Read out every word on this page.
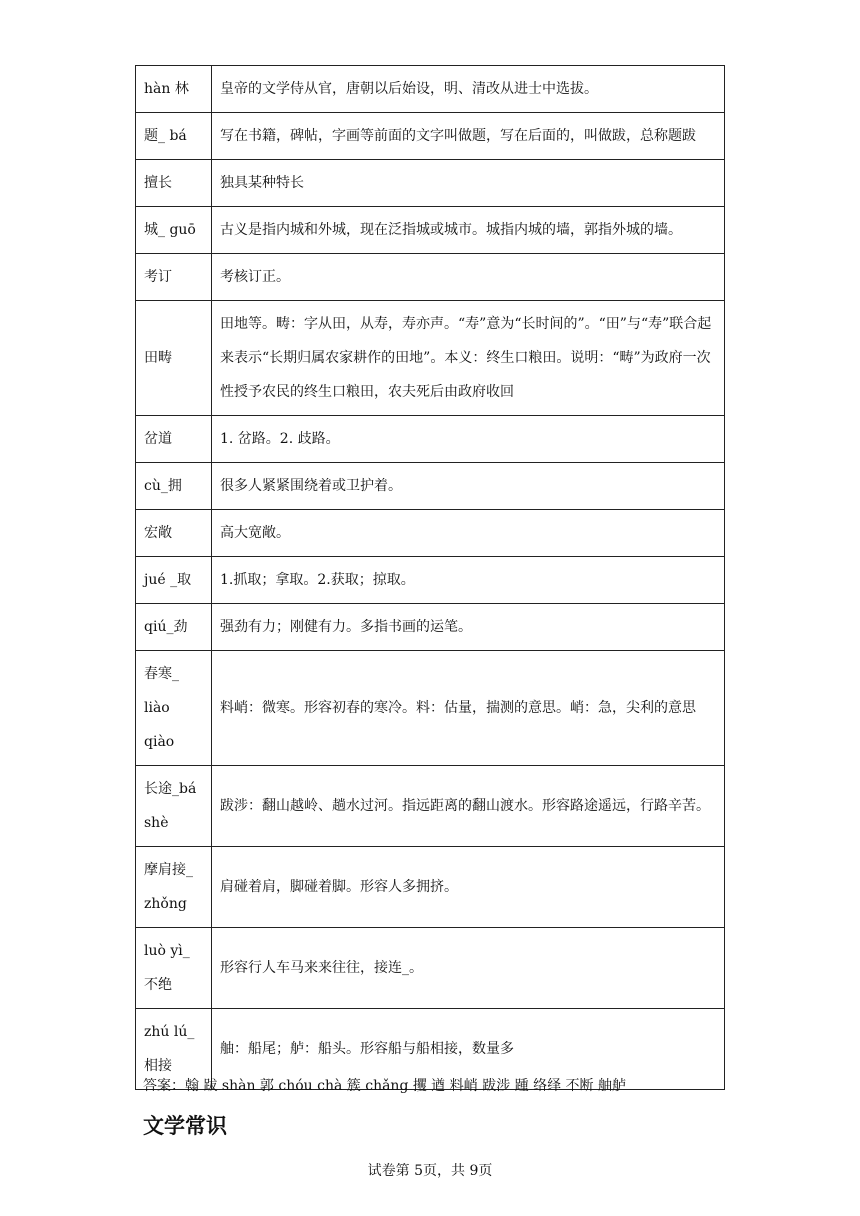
hàn 林	皇帝的文学侍从官，唐朝以后始设，明、清改从进士中选拔。
题_ bá	写在书籍，碑帖，字画等前面的文字叫做题，写在后面的，叫做跋，总称题跋
擅长	独具某种特长
城_ guō	古义是指内城和外城，现在泛指城或城市。城指内城的墙，郭指外城的墙。
考订	考核订正。
田畴	田地等。畴：字从田，从寿，寿亦声。“寿”意为“长时间的”。“田”与“寿”联合起来表示“长期归属农家耕作的田地”。本义：终生口粮田。说明：“畴”为政府一次性授予农民的终生口粮田，农夫死后由政府收回
岔道	1. 岔路。2. 歧路。
cù_拥	很多人紧紧围绕着或卫护着。
宏敞	高大宽敞。
jué _取	1.抓取；拿取。2.获取；掠取。
qiú_劲	强劲有力；刚健有力。多指书画的运笔。
春寒_ liào qiào	料峭：微寒。形容初春的寒冷。料：估量，揣测的意思。峭：急，尖利的意思
长途_bá shè	跋涉：翻山越岭、趟水过河。指远距离的翻山渡水。形容路途遥远，行路辛苦。
摩肩接_ zhǒng	肩碰着肩，脚碰着脚。形容人多拥挤。
luò yì_不绝	形容行人车马来来往往，接连_。
zhú lú_相接	舳：船尾；舻：船头。形容船与船相接，数量多
答案：翰 跋 shàn 郭 chóu chà 簇 chǎng 攫 遒 料峭 跋涉 踵 络绎 不断 舳舻
文学常识
试卷第 5页，共 9页
